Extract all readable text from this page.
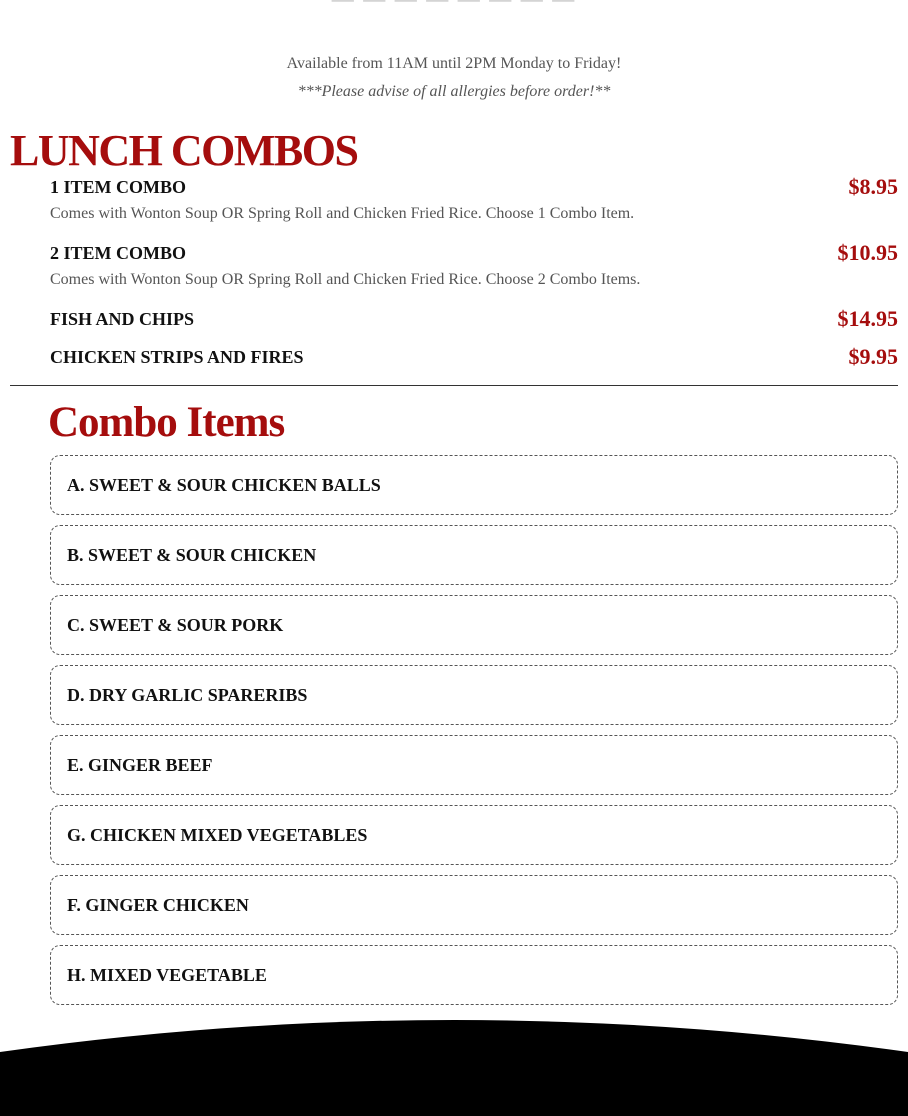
Available from 11AM until 2PM Monday to Friday!
***Please advise of all allergies before order!**
LUNCH COMBOS
1 ITEM COMBO	$8.95
Comes with Wonton Soup OR Spring Roll and Chicken Fried Rice. Choose 1 Combo Item.
2 ITEM COMBO	$10.95
Comes with Wonton Soup OR Spring Roll and Chicken Fried Rice. Choose 2 Combo Items.
FISH AND CHIPS	$14.95
CHICKEN STRIPS AND FIRES	$9.95
Combo Items
A. SWEET & SOUR CHICKEN BALLS
B. SWEET & SOUR CHICKEN
C. SWEET & SOUR PORK
D. DRY GARLIC SPARERIBS
E. GINGER BEEF
G. CHICKEN MIXED VEGETABLES
F. GINGER CHICKEN
H. MIXED VEGETABLE
